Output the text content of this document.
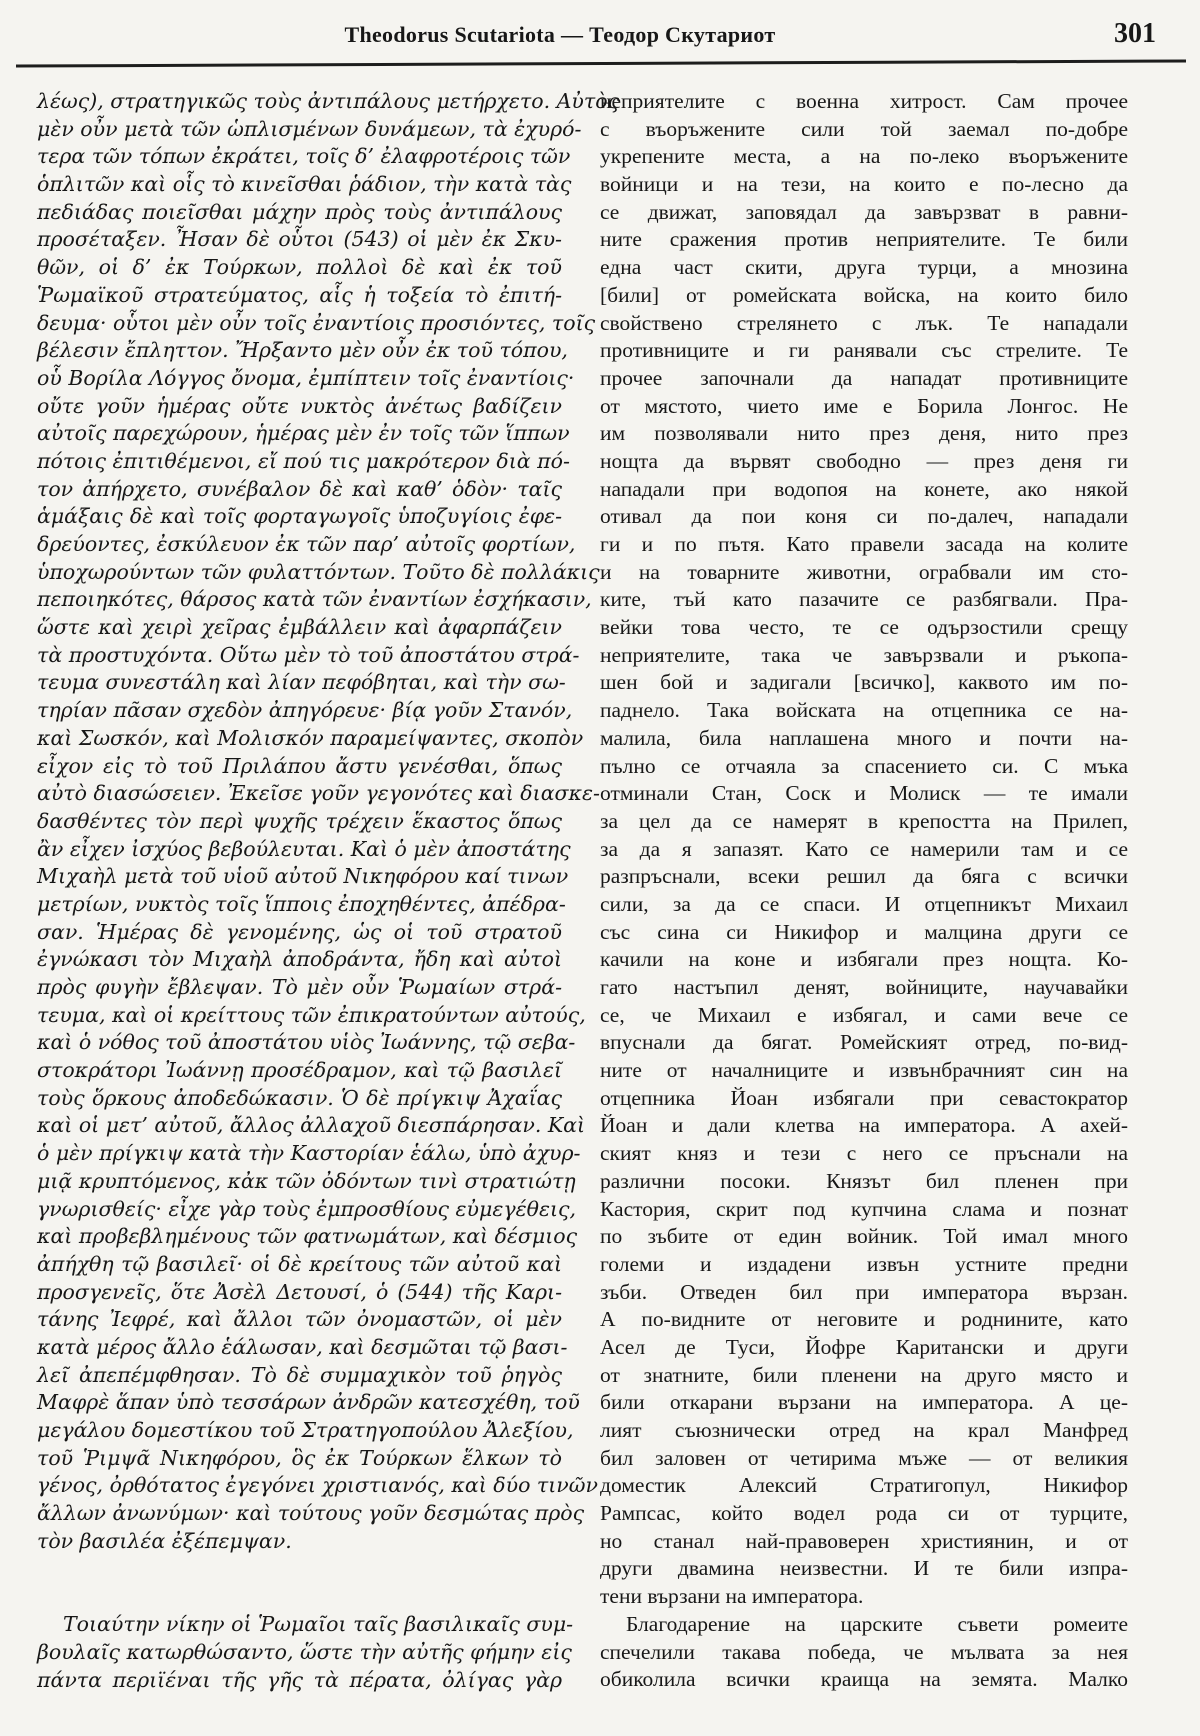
Theodorus Scutariota — Теодор Скутариот	301
λέως), στρατηγικῶς τοὺς ἀντιπάλους μετήρχετο. Αὐτὸς
μὲν οὖν μετὰ τῶν ὡπλισμένων δυνάμεων, τὰ ἐχυρό-
τερα τῶν τόπων ἐκράτει, τοῖς δ’ ἐλαφροτέροις τῶν
ὁπλιτῶν καὶ οἷς τὸ κινεῖσθαι ῥάδιον, τὴν κατὰ τὰς
πεδιάδας ποιεῖσθαι μάχην πρὸς τοὺς ἀντιπάλους
προσέταξεν. Ἦσαν δὲ οὗτοι (543) οἱ μὲν ἐκ Σκυ-
θῶν, οἱ δ’ ἐκ Τούρκων, πολλοὶ δὲ καὶ ἐκ τοῦ
Ῥωμαϊκοῦ στρατεύματος, αἷς ἡ τοξεία τὸ ἐπιτή-
δευμα· οὗτοι μὲν οὖν τοῖς ἐναντίοις προσιόντες, τοῖς
βέλεσιν ἔπληττον. Ἤρξαντο μὲν οὖν ἐκ τοῦ τόπου,
οὗ Βορίλα Λόγγος ὄνομα, ἐμπίπτειν τοῖς ἐναντίοις·
οὔτε γοῦν ἡμέρας οὔτε νυκτὸς ἀνέτως βαδίζειν
αὐτοῖς παρεχώρουν, ἡμέρας μὲν ἐν τοῖς τῶν ἵππων
πότοις ἐπιτιθέμενοι, εἴ πού τις μακρότερον διὰ πό-
τον ἀπήρχετο, συνέβαλον δὲ καὶ καθ’ ὁδὸν· ταῖς
ἁμάξαις δὲ καὶ τοῖς φορταγωγοῖς ὑποζυγίοις ἐφε-
δρεύοντες, ἐσκύλευον ἐκ τῶν παρ’ αὐτοῖς φορτίων,
ὑποχωρούντων τῶν φυλαττόντων. Τοῦτο δὲ πολλάκις
πεποιηκότες, θάρσος κατὰ τῶν ἐναντίων ἐσχήκασιν,
ὥστε καὶ χειρὶ χεῖρας ἐμβάλλειν καὶ ἀφαρπάζειν
τὰ προστυχόντα. Οὕτω μὲν τὸ τοῦ ἀποστάτου στρά-
τευμα συνεστάλη καὶ λίαν πεφόβηται, καὶ τὴν σω-
τηρίαν πᾶσαν σχεδὸν ἀπηγόρευε· βίᾳ γοῦν Στανόν,
καὶ Σωσκόν, καὶ Μολισκόν παραμείψαντες, σκοπὸν
εἶχον εἰς τὸ τοῦ Πριλάπου ἄστυ γενέσθαι, ὅπως
αὐτὸ διασώσειεν. Ἐκεῖσε γοῦν γεγονότες καὶ διασκε-
δασθέντες τὸν περὶ ψυχῆς τρέχειν ἕκαστος ὅπως
ἂν εἶχεν ἰσχύος βεβούλευται. Καὶ ὁ μὲν ἀποστάτης
Μιχαὴλ μετὰ τοῦ υἱοῦ αὐτοῦ Νικηφόρου καί τινων
μετρίων, νυκτὸς τοῖς ἵπποις ἐποχηθέντες, ἀπέδρα-
σαν. Ἡμέρας δὲ γενομένης, ὡς οἱ τοῦ στρατοῦ
ἐγνώκασι τὸν Μιχαὴλ ἀποδράντα, ἤδη καὶ αὐτοὶ
πρὸς φυγὴν ἔβλεψαν. Τὸ μὲν οὖν Ῥωμαίων στρά-
τευμα, καὶ οἱ κρείττους τῶν ἐπικρατούντων αὐτούς,
καὶ ὁ νόθος τοῦ ἀποστάτου υἱὸς Ἰωάννης, τῷ σεβα-
στοκράτορι Ἰωάννῃ προσέδραμον, καὶ τῷ βασιλεῖ
τοὺς ὅρκους ἀποδεδώκασιν. Ὁ δὲ πρίγκιψ Ἀχαΐας
καὶ οἱ μετ’ αὐτοῦ, ἄλλος ἀλλαχοῦ διεσπάρησαν. Καὶ
ὁ μὲν πρίγκιψ κατὰ τὴν Καστορίαν ἑάλω, ὑπὸ ἀχυρ-
μιᾷ κρυπτόμενος, κἀκ τῶν ὀδόντων τινὶ στρατιώτῃ
γνωρισθείς· εἶχε γὰρ τοὺς ἐμπροσθίους εὐμεγέθεις,
καὶ προβεβλημένους τῶν φατνωμάτων, καὶ δέσμιος
ἀπήχθη τῷ βασιλεῖ· οἱ δὲ κρείτους τῶν αὐτοῦ καὶ
προσγενεῖς, ὅτε Ἀσὲλ Δετουσί, ὁ (544) τῆς Καρι-
τάνης Ἰεφρέ, καὶ ἄλλοι τῶν ὀνομαστῶν, οἱ μὲν
κατὰ μέρος ἄλλο ἑάλωσαν, καὶ δεσμῶται τῷ βασι-
λεῖ ἀπεπέμφθησαν. Τὸ δὲ συμμαχικὸν τοῦ ῥηγὸς
Μαφρὲ ἅπαν ὑπὸ τεσσάρων ἀνδρῶν κατεσχέθη, τοῦ
μεγάλου δομεστίκου τοῦ Στρατηγοπούλου Ἀλεξίου,
τοῦ Ῥιμψᾶ Νικηφόρου, ὃς ἐκ Τούρκων ἕλκων τὸ
γένος, ὀρθότατος ἐγεγόνει χριστιανός, καὶ δύο τινῶν
ἄλλων ἀνωνύμων· καὶ τούτους γοῦν δεσμώτας πρὸς
τὸν βασιλέα ἐξέπεμψαν.
Τοιαύτην νίκην οἱ Ῥωμαῖοι ταῖς βασιλικαῖς συμ-
βουλαῖς κατωρθώσαντο, ὥστε τὴν αὐτῆς φήμην εἰς
πάντα περιϊέναι τῆς γῆς τὰ πέρατα, ὀλίγας γὰρ
неприятелите с военна хитрост. Сам прочее
с въоръжените сили той заемал по-добре
укрепените места, а на по-леко въоръжените
войници и на тези, на които е по-лесно да
се движат, заповядал да завързват в равни-
ните сражения против неприятелите. Те били
една част скити, друга турци, а мнозина
[били] от ромейската войска, на които било
свойствено стрелянето с лък. Те нападали
противниците и ги ранявали със стрелите. Те
прочее започнали да нападат противниците
от мястото, чието име е Борила Лонгос. Не
им позволявали нито през деня, нито през
нощта да вървят свободно — през деня ги
нападали при водопоя на конете, ако някой
отивал да пои коня си по-далеч, нападали
ги и по пътя. Като правели засада на колите
и на товарните животни, ограбвали им сто-
ките, тъй като пазачите се разбягвали. Пра-
вейки това често, те се одързостили срещу
неприятелите, така че завързвали и ръкопа-
шен бой и задигали [всичко], каквото им по-
паднело. Така войската на отцепника се на-
малила, била наплашена много и почти на-
пълно се отчаяла за спасението си. С мъка
отминали Стан, Соск и Молиск — те имали
за цел да се намерят в крепостта на Прилеп,
за да я запазят. Като се намерили там и се
разпръснали, всеки решил да бяга с всички
сили, за да се спаси. И отцепникът Михаил
със сина си Никифор и малцина други се
качили на коне и избягали през нощта. Ко-
гато настъпил денят, войниците, научавайки
се, че Михаил е избягал, и сами вече се
впуснали да бягат. Ромейският отред, по-вид-
ните от началниците и извънбрачният син на
отцепника Йоан избягали при севастократор
Йоан и дали клетва на императора. А ахей-
ският княз и тези с него се пръснали на
различни посоки. Князът бил пленен при
Кастория, скрит под купчина слама и познат
по зъбите от един войник. Той имал много
големи и издадени извън устните предни
зъби. Отведен бил при императора вързан.
А по-видните от неговите и роднините, като
Асел де Туси, Йофре Каритански и други
от знатните, били пленени на друго място и
били откарани вързани на императора. А це-
лият съюзнически отред на крал Манфред
бил заловен от четирима мъже — от великия
доместик Алексий Стратигопул, Никифор
Рампсас, който водел рода си от турците,
но станал най-правоверен християнин, и от
други двамина неизвестни. И те били изпра-
тени вързани на императора.
Благодарение на царските съвети ромеите
спечелили такава победа, че мълвата за нея
обиколила всички краища на земята. Малко
